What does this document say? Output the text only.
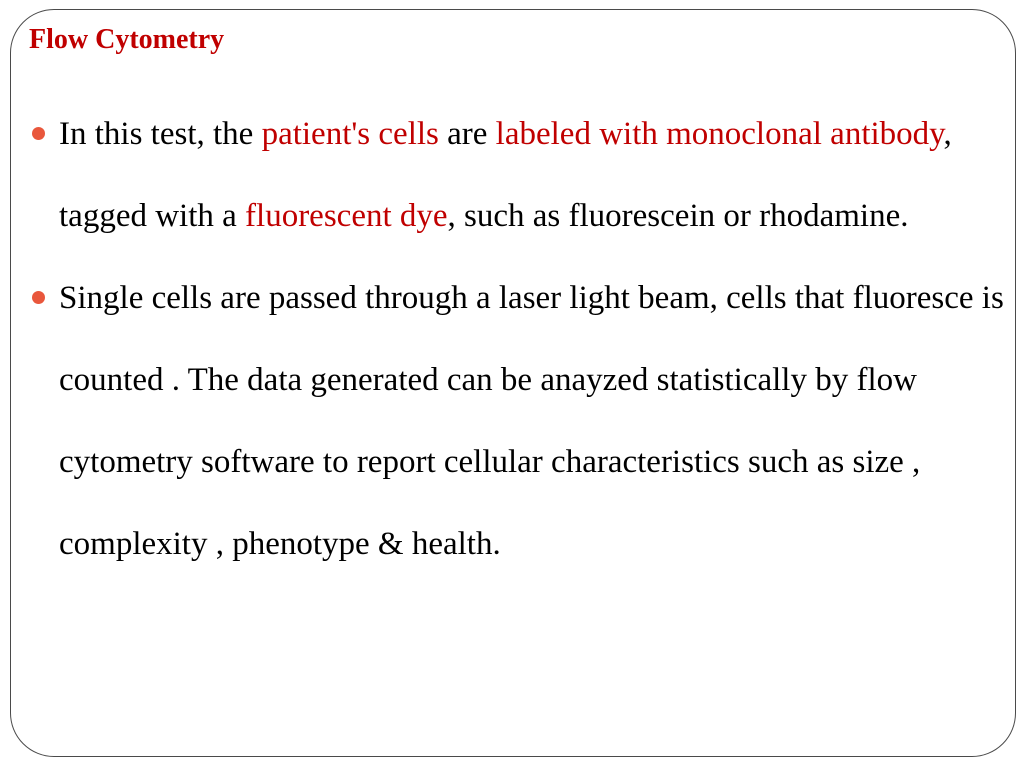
Flow Cytometry
In this test, the patient's cells are labeled with monoclonal antibody, tagged with a fluorescent dye, such as fluorescein or rhodamine.
Single cells are passed through a laser light beam, cells that fluoresce is counted . The data generated can be anayzed statistically by flow cytometry software to report cellular characteristics such as size , complexity , phenotype & health.
